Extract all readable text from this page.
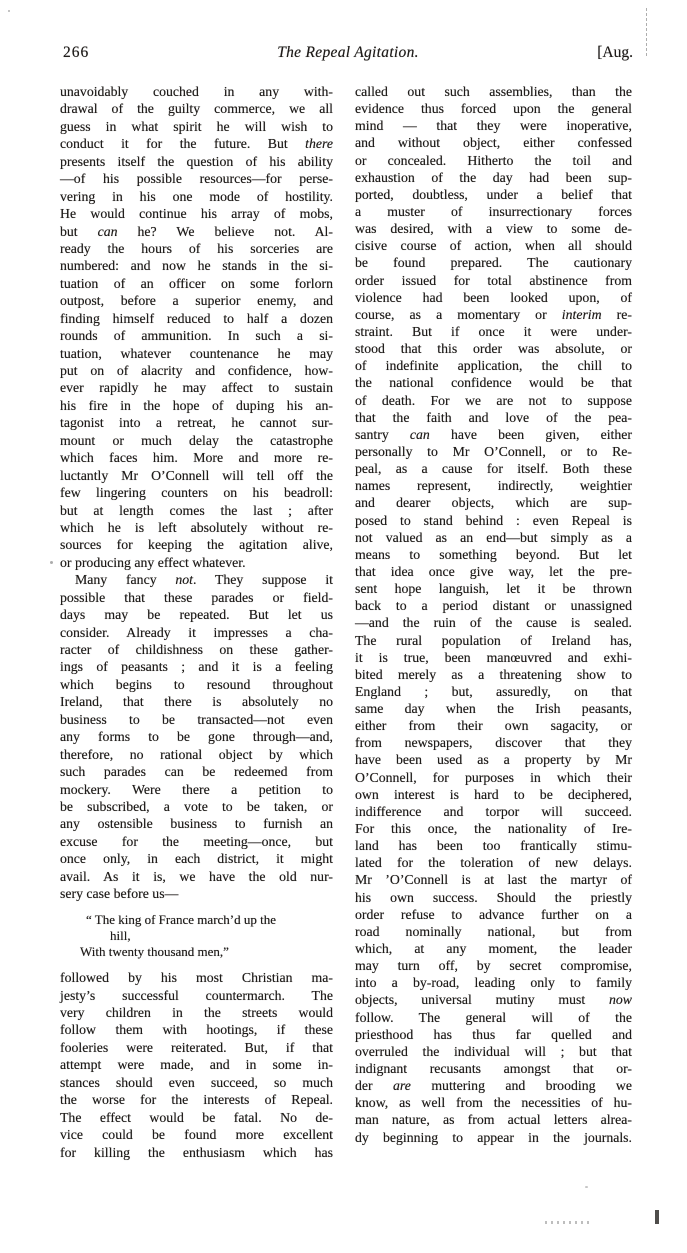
266	The Repeal Agitation.	[Aug.
unavoidably couched in any with-
drawal of the guilty commerce, we all
guess in what spirit he will wish to
conduct it for the future. But there
presents itself the question of his ability
—of his possible resources—for perse-
vering in his one mode of hostility.
He would continue his array of mobs,
but can he? We believe not. Al-
ready the hours of his sorceries are
numbered: and now he stands in the si-
tuation of an officer on some forlorn
outpost, before a superior enemy, and
finding himself reduced to half a dozen
rounds of ammunition. In such a si-
tuation, whatever countenance he may
put on of alacrity and confidence, how-
ever rapidly he may affect to sustain
his fire in the hope of duping his an-
tagonist into a retreat, he cannot sur-
mount or much delay the catastrophe
which faces him. More and more re-
luctantly Mr O’Connell will tell off the
few lingering counters on his beadroll:
but at length comes the last ; after
which he is left absolutely without re-
sources for keeping the agitation alive,
or producing any effect whatever.
Many fancy not. They suppose it
possible that these parades or field-
days may be repeated. But let us
consider. Already it impresses a cha-
racter of childishness on these gather-
ings of peasants ; and it is a feeling
which begins to resound throughout
Ireland, that there is absolutely no
business to be transacted—not even
any forms to be gone through—and,
therefore, no rational object by which
such parades can be redeemed from
mockery. Were there a petition to
be subscribed, a vote to be taken, or
any ostensible business to furnish an
excuse for the meeting—once, but
once only, in each district, it might
avail. As it is, we have the old nur-
sery case before us—
“ The king of France march’d up the
hill,
With twenty thousand men,”
followed by his most Christian ma-
jesty’s successful countermarch. The
very children in the streets would
follow them with hootings, if these
fooleries were reiterated. But, if that
attempt were made, and in some in-
stances should even succeed, so much
the worse for the interests of Repeal.
The effect would be fatal. No de-
vice could be found more excellent
for killing the enthusiasm which has
called out such assemblies, than the
evidence thus forced upon the general
mind — that they were inoperative,
and without object, either confessed
or concealed. Hitherto the toil and
exhaustion of the day had been sup-
ported, doubtless, under a belief that
a muster of insurrectionary forces
was desired, with a view to some de-
cisive course of action, when all should
be found prepared. The cautionary
order issued for total abstinence from
violence had been looked upon, of
course, as a momentary or interim re-
straint. But if once it were under-
stood that this order was absolute, or
of indefinite application, the chill to
the national confidence would be that
of death. For we are not to suppose
that the faith and love of the pea-
santry can have been given, either
personally to Mr O’Connell, or to Re-
peal, as a cause for itself. Both these
names represent, indirectly, weightier
and dearer objects, which are sup-
posed to stand behind : even Repeal is
not valued as an end—but simply as a
means to something beyond. But let
that idea once give way, let the pre-
sent hope languish, let it be thrown
back to a period distant or unassigned
—and the ruin of the cause is sealed.
The rural population of Ireland has,
it is true, been manœuvred and exhi-
bited merely as a threatening show to
England ; but, assuredly, on that
same day when the Irish peasants,
either from their own sagacity, or
from newspapers, discover that they
have been used as a property by Mr
O’Connell, for purposes in which their
own interest is hard to be deciphered,
indifference and torpor will succeed.
For this once, the nationality of Ire-
land has been too frantically stimu-
lated for the toleration of new delays.
Mr ’O’Connell is at last the martyr of
his own success. Should the priestly
order refuse to advance further on a
road nominally national, but from
which, at any moment, the leader
may turn off, by secret compromise,
into a by-road, leading only to family
objects, universal mutiny must now
follow. The general will of the
priesthood has thus far quelled and
overruled the individual will ; but that
indignant recusants amongst that or-
der are muttering and brooding we
know, as well from the necessities of hu-
man nature, as from actual letters alrea-
dy beginning to appear in the journals.
